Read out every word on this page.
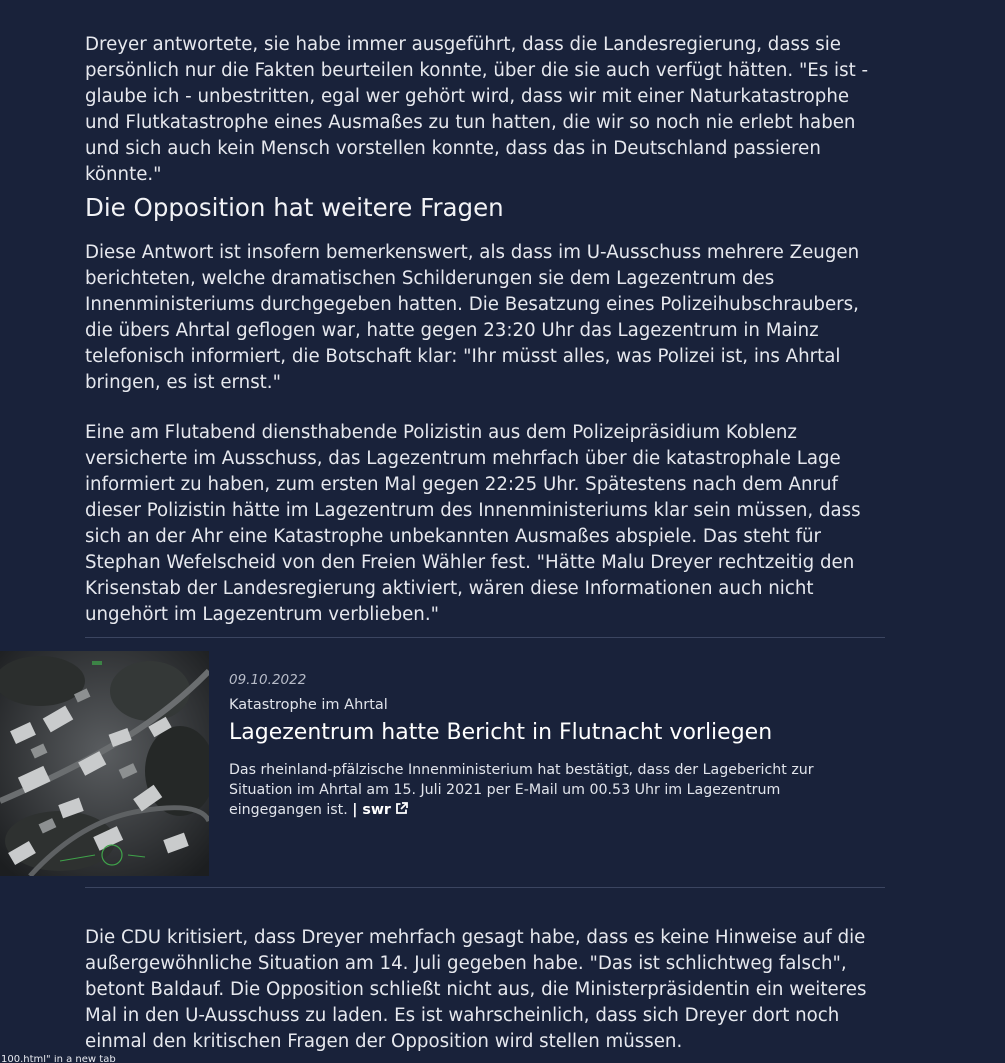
Dreyer antwortete, sie habe immer ausgeführt, dass die Landesregierung, dass sie persönlich nur die Fakten beurteilen konnte, über die sie auch verfügt hätten. "Es ist - glaube ich - unbestritten, egal wer gehört wird, dass wir mit einer Naturkatastrophe und Flutkatastrophe eines Ausmaßes zu tun hatten, die wir so noch nie erlebt haben und sich auch kein Mensch vorstellen konnte, dass das in Deutschland passieren könnte."

Die Opposition hat weitere Fragen

Diese Antwort ist insofern bemerkenswert, als dass im U-Ausschuss mehrere Zeugen berichteten, welche dramatischen Schilderungen sie dem Lagezentrum des Innenministeriums durchgegeben hatten. Die Besatzung eines Polizeihubschraubers, die übers Ahrtal geflogen war, hatte gegen 23:20 Uhr das Lagezentrum in Mainz telefonisch informiert, die Botschaft klar: "Ihr müsst alles, was Polizei ist, ins Ahrtal bringen, es ist ernst."

Eine am Flutabend diensthabende Polizistin aus dem Polizeipräsidium Koblenz versicherte im Ausschuss, das Lagezentrum mehrfach über die katastrophale Lage informiert zu haben, zum ersten Mal gegen 22:25 Uhr. Spätestens nach dem Anruf dieser Polizistin hätte im Lagezentrum des Innenministeriums klar sein müssen, dass sich an der Ahr eine Katastrophe unbekannten Ausmaßes abspiele. Das steht für Stephan Wefelscheid von den Freien Wähler fest. "Hätte Malu Dreyer rechtzeitig den Krisenstab der Landesregierung aktiviert, wären diese Informationen auch nicht ungehört im Lagezentrum verblieben."

Die CDU kritisiert, dass Dreyer mehrfach gesagt habe, dass es keine Hinweise auf die außergewöhnliche Situation am 14. Juli gegeben habe. "Das ist schlichtweg falsch", betont Baldauf. Die Opposition schließt nicht aus, die Ministerpräsidentin ein weiteres Mal in den U-Ausschuss zu laden. Es ist wahrscheinlich, dass sich Dreyer dort noch einmal den kritischen Fragen der Opposition wird stellen müssen.

09.10.2022

Katastrophe im Ahrtal

Lagezentrum hatte Bericht in Flutnacht vorliegen

Das rheinland-pfälzische Innenministerium hat bestätigt, dass der Lagebericht zur Situation im Ahrtal am 15. Juli 2021 per E-Mail um 00.53 Uhr im Lagezentrum eingegangen ist. | swr

100.html" in a new tab
